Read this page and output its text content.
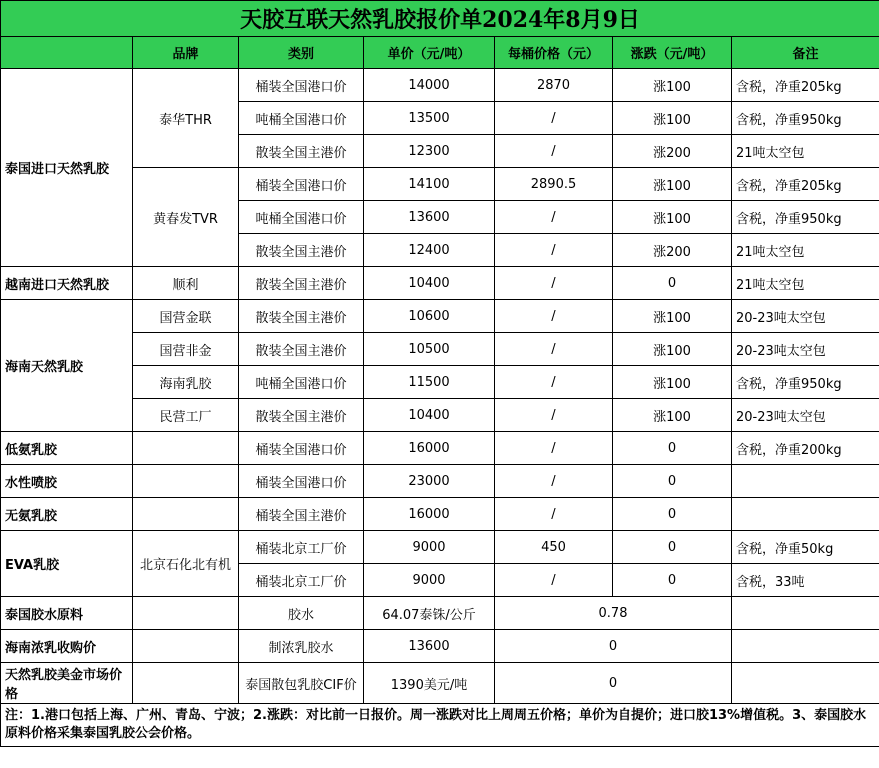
天胶互联天然乳胶报价单2024年8月9日						
	品牌	类别	单价（元/吨）	每桶价格（元）	涨跌（元/吨）	备注
泰国进口天然乳胶	泰华THR	桶装全国港口价	14000	2870	涨100	含税，净重205kg
		吨桶全国港口价	13500	/	涨100	含税，净重950kg
		散装全国主港价	12300	/	涨200	21吨太空包
	黄春发TVR	桶装全国港口价	14100	2890.5	涨100	含税，净重205kg
		吨桶全国港口价	13600	/	涨100	含税，净重950kg
		散装全国主港价	12400	/	涨200	21吨太空包
越南进口天然乳胶	顺利	散装全国主港价	10400	/	0	21吨太空包
海南天然乳胶	国营金联	散装全国主港价	10600	/	涨100	20-23吨太空包
	国营非金	散装全国主港价	10500	/	涨100	20-23吨太空包
	海南乳胶	吨桶全国港口价	11500	/	涨100	含税，净重950kg
	民营工厂	散装全国主港价	10400	/	涨100	20-23吨太空包
低氨乳胶		桶装全国港口价	16000	/	0	含税，净重200kg
水性喷胶		桶装全国港口价	23000	/	0	
无氨乳胶		桶装全国主港价	16000	/	0	
EVA乳胶	北京石化北有机	桶装北京工厂价	9000	450	0	含税，净重50kg
		桶装北京工厂价	9000	/	0	含税，33吨
泰国胶水原料		胶水	64.07泰铢/公斤	0.78		
海南浓乳收购价		制浓乳胶水	13600	0		
天然乳胶美金市场价格		泰国散包乳胶CIF价	1390美元/吨	0		
注：1.港口包括上海、广州、青岛、宁波；2.涨跌：对比前一日报价。周一涨跌对比上周周五价格；单价为自提价；进口胶13%增值税。3、泰国胶水原料价格采集泰国乳胶公会价格。						
